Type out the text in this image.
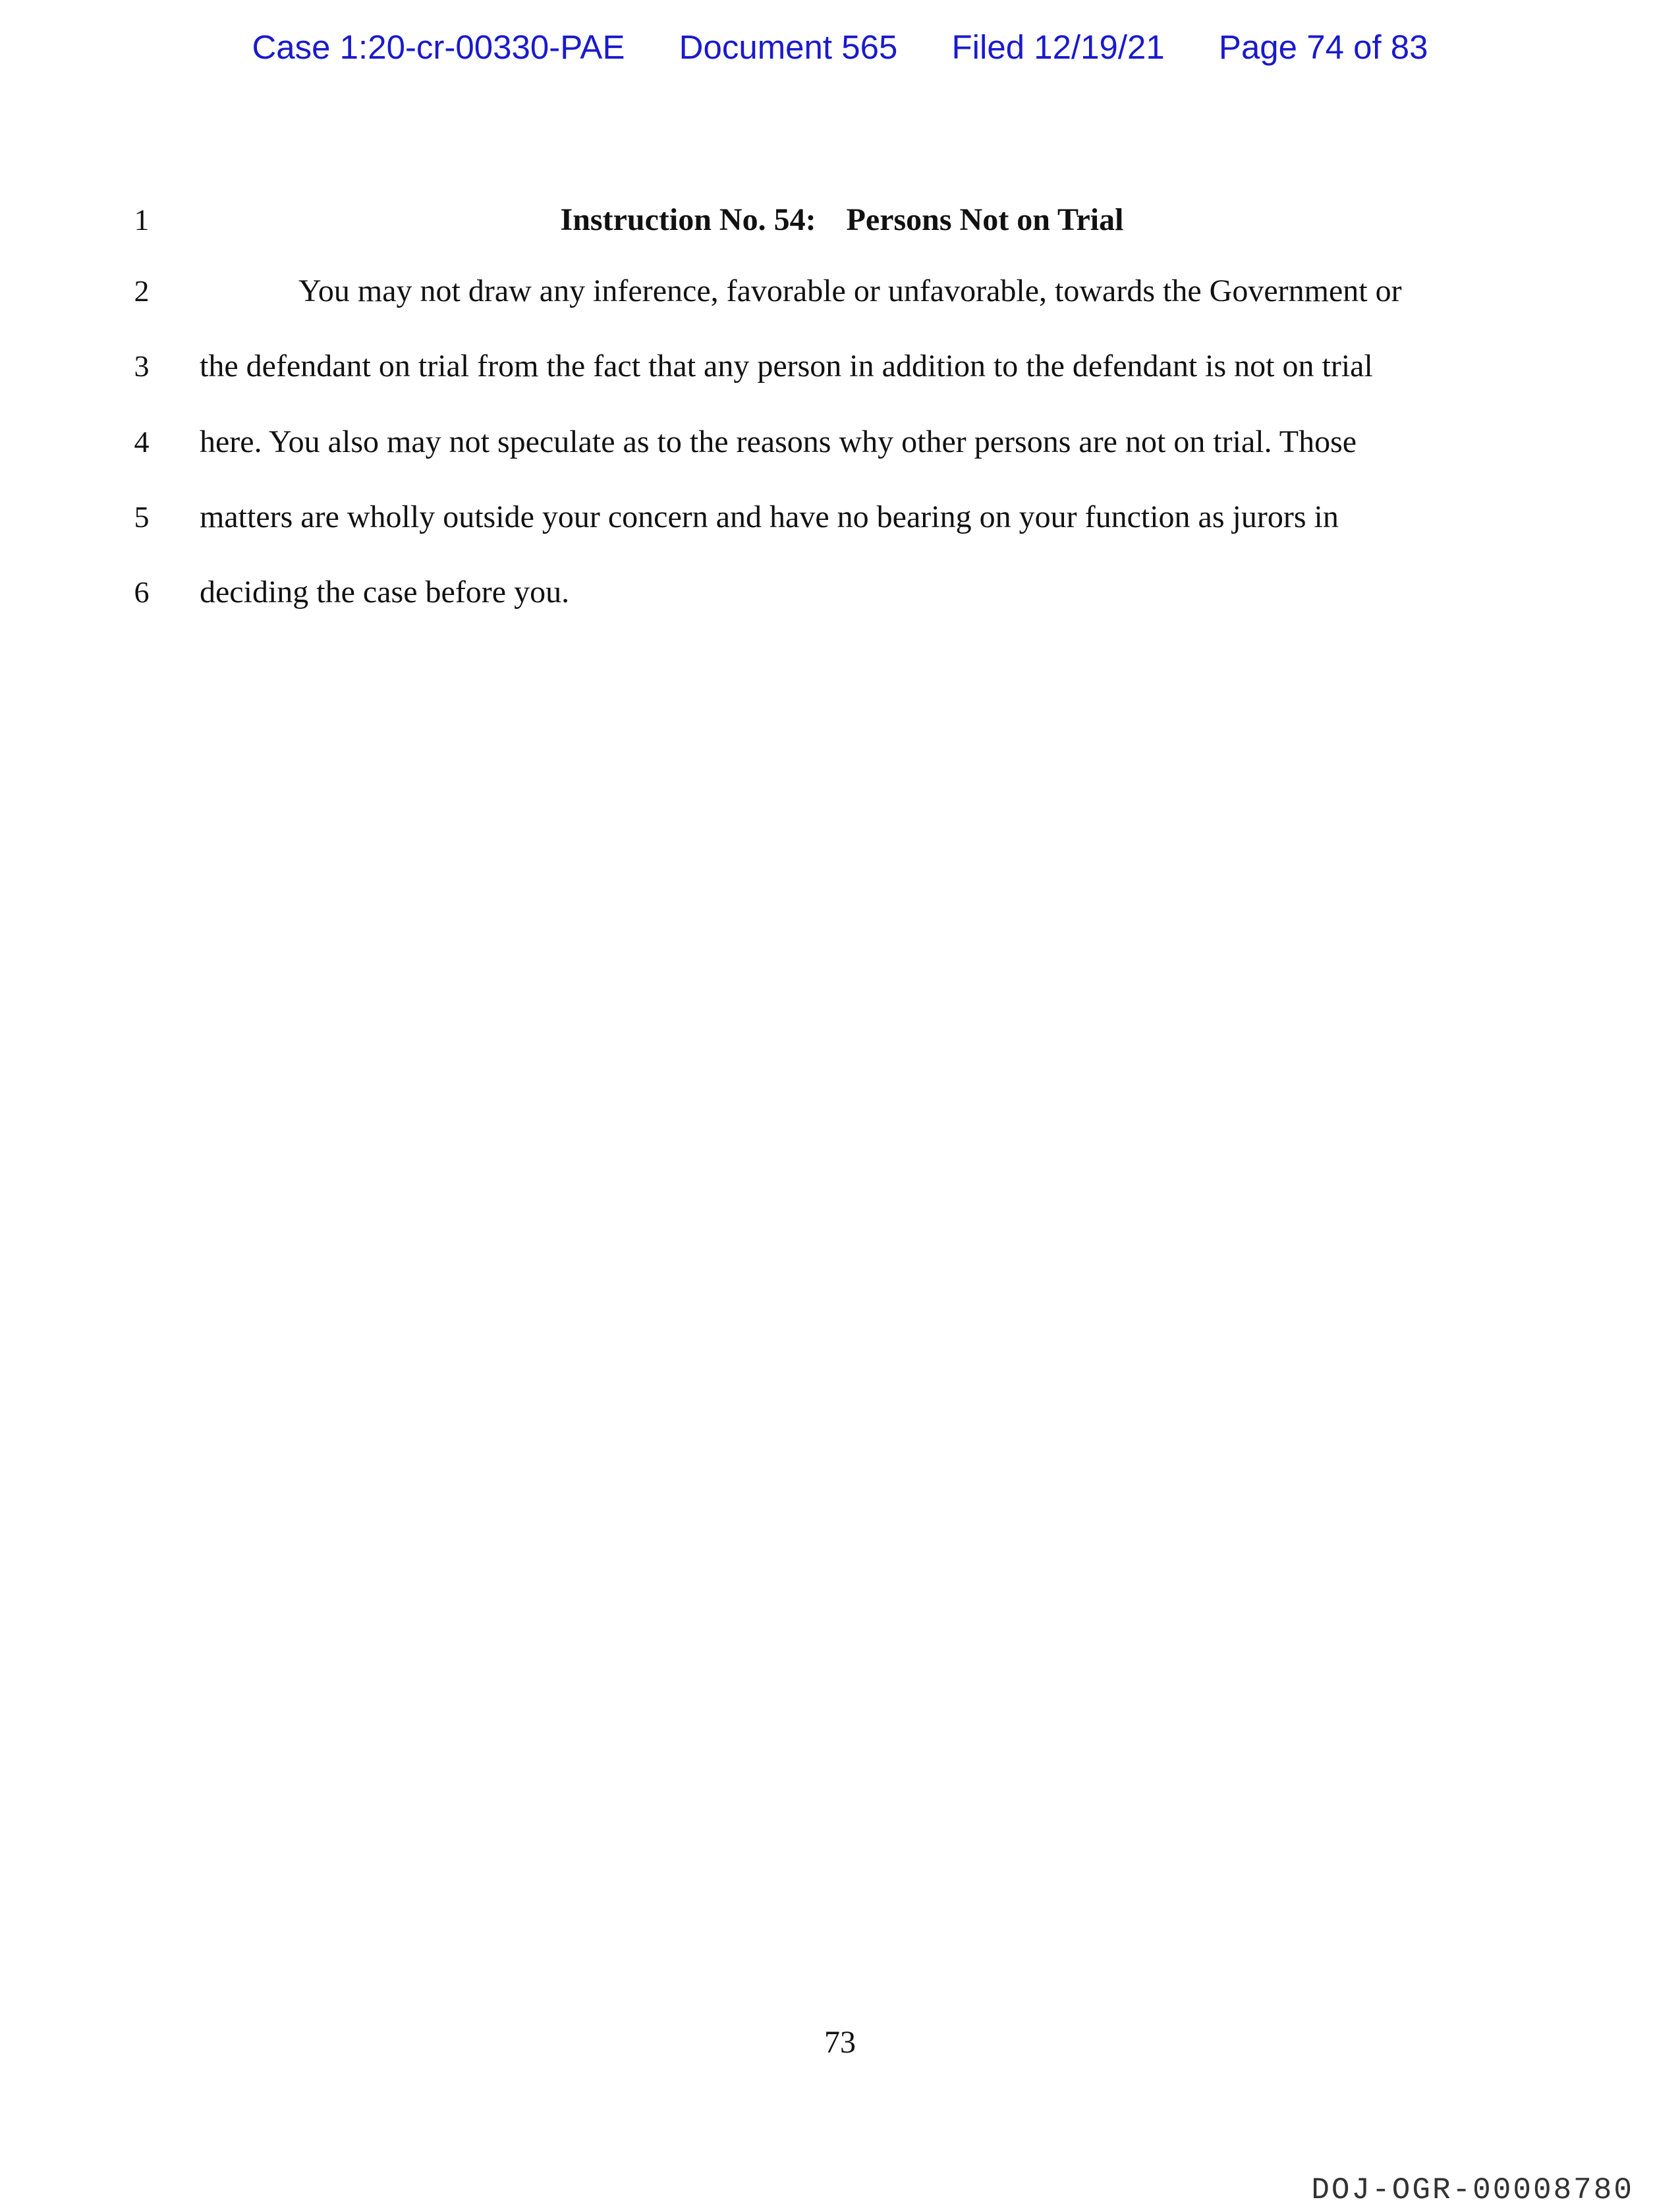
Case 1:20-cr-00330-PAE Document 565 Filed 12/19/21 Page 74 of 83
1
2
3
4
5
6
Instruction No. 54: Persons Not on Trial
You may not draw any inference, favorable or unfavorable, towards the Government or
the defendant on trial from the fact that any person in addition to the defendant is not on trial
here. You also may not speculate as to the reasons why other persons are not on trial. Those
matters are wholly outside your concern and have no bearing on your function as jurors in
deciding the case before you.
73
DOJ-OGR-00008780
